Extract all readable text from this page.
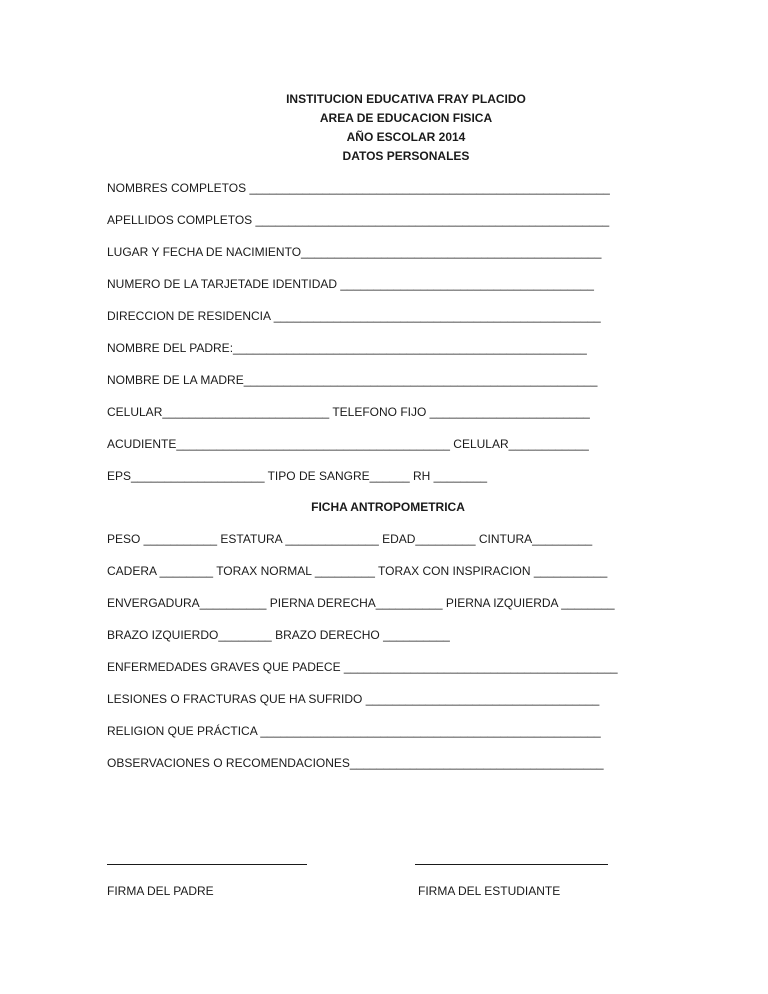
INSTITUCION EDUCATIVA FRAY PLACIDO
AREA DE EDUCACION FISICA
AÑO ESCOLAR 2014
DATOS PERSONALES
NOMBRES COMPLETOS ______________________________________________________
APELLIDOS COMPLETOS _____________________________________________________
LUGAR Y FECHA DE NACIMIENTO_____________________________________________
NUMERO DE LA TARJETADE IDENTIDAD ______________________________________
DIRECCION DE RESIDENCIA _________________________________________________
NOMBRE DEL PADRE:_____________________________________________________
NOMBRE DE LA MADRE_____________________________________________________
CELULAR_________________________ TELEFONO FIJO ________________________
ACUDIENTE_________________________________________ CELULAR____________
EPS____________________ TIPO DE SANGRE______ RH ________
FICHA ANTROPOMETRICA
PESO ___________ ESTATURA ______________ EDAD_________ CINTURA_________
CADERA ________ TORAX NORMAL _________ TORAX CON INSPIRACION ___________
ENVERGADURA__________ PIERNA DERECHA__________ PIERNA IZQUIERDA ________
BRAZO IZQUIERDO________ BRAZO DERECHO __________
ENFERMEDADES GRAVES QUE PADECE _________________________________________
LESIONES O FRACTURAS QUE HA SUFRIDO ___________________________________
RELIGION QUE PRÁCTICA ___________________________________________________
OBSERVACIONES O RECOMENDACIONES______________________________________
FIRMA DEL PADRE	FIRMA DEL ESTUDIANTE
